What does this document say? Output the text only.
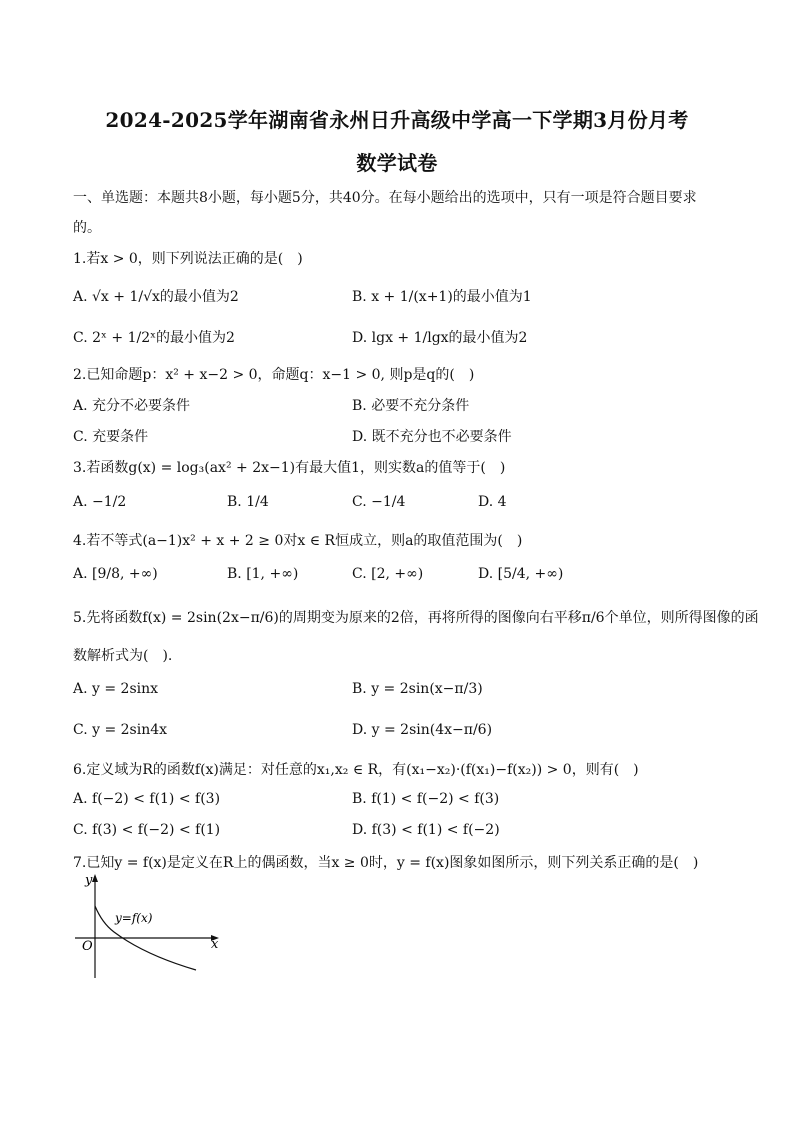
2024-2025学年湖南省永州日升高级中学高一下学期3月份月考
数学试卷
一、单选题：本题共8小题，每小题5分，共40分。在每小题给出的选项中，只有一项是符合题目要求
的。
1.若x > 0，则下列说法正确的是(　)
A. √x + 1/√x的最小值为2	B. x + 1/(x+1)的最小值为1
C. 2ˣ + 1/2ˣ的最小值为2	D. lgx + 1/lgx的最小值为2
2.已知命题p：x² + x−2 > 0，命题q：x−1 > 0, 则p是q的(　)
A. 充分不必要条件	B. 必要不充分条件
C. 充要条件	D. 既不充分也不必要条件
3.若函数g(x) = log₃(ax² + 2x−1)有最大值1，则实数a的值等于(　)
A. −1/2	B. 1/4	C. −1/4	D. 4
4.若不等式(a−1)x² + x + 2 ≥ 0对x ∈ R恒成立，则a的取值范围为(　)
A. [9/8, +∞)	B. [1, +∞)	C. [2, +∞)	D. [5/4, +∞)
5.先将函数f(x) = 2sin(2x−π/6)的周期变为原来的2倍，再将所得的图像向右平移π/6个单位，则所得图像的函
数解析式为(　).
A. y = 2sinx	B. y = 2sin(x−π/3)
C. y = 2sin4x	D. y = 2sin(4x−π/6)
6.定义域为R的函数f(x)满足：对任意的x₁,x₂ ∈ R，有(x₁−x₂)·(f(x₁)−f(x₂)) > 0，则有(　)
A. f(−2) < f(1) < f(3)	B. f(1) < f(−2) < f(3)
C. f(3) < f(−2) < f(1)	D. f(3) < f(1) < f(−2)
7.已知y = f(x)是定义在R上的偶函数，当x ≥ 0时，y = f(x)图象如图所示，则下列关系正确的是(　)
y
x
O
y=f(x)
